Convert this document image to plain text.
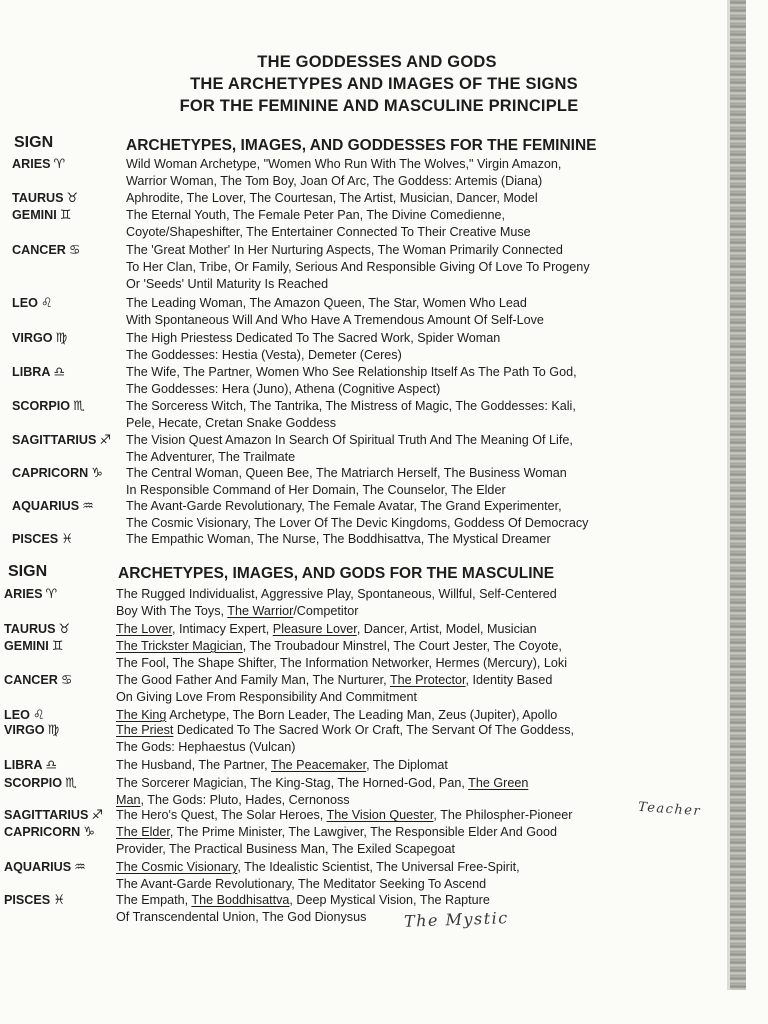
THE GODDESSES AND GODS
THE ARCHETYPES AND IMAGES OF THE SIGNS
FOR THE FEMININE AND MASCULINE PRINCIPLE
SIGN	ARCHETYPES, IMAGES, AND GODDESSES FOR THE FEMININE
ARIES ♈	Wild Woman Archetype, "Women Who Run With The Wolves," Virgin Amazon,
Warrior Woman, The Tom Boy, Joan Of Arc, The Goddess: Artemis (Diana)
TAURUS ♉	Aphrodite, The Lover, The Courtesan, The Artist, Musician, Dancer, Model
GEMINI ♊	The Eternal Youth, The Female Peter Pan, The Divine Comedienne,
Coyote/Shapeshifter, The Entertainer Connected To Their Creative Muse
CANCER ♋	The 'Great Mother' In Her Nurturing Aspects, The Woman Primarily Connected
To Her Clan, Tribe, Or Family, Serious And Responsible Giving Of Love To Progeny
Or 'Seeds' Until Maturity Is Reached
LEO ♌	The Leading Woman, The Amazon Queen, The Star, Women Who Lead
With Spontaneous Will And Who Have A Tremendous Amount Of Self-Love
VIRGO ♍	The High Priestess Dedicated To The Sacred Work, Spider Woman
The Goddesses: Hestia (Vesta), Demeter (Ceres)
LIBRA ♎	The Wife, The Partner, Women Who See Relationship Itself As The Path To God,
The Goddesses: Hera (Juno), Athena (Cognitive Aspect)
SCORPIO ♏	The Sorceress Witch, The Tantrika, The Mistress of Magic, The Goddesses: Kali,
Pele, Hecate, Cretan Snake Goddess
SAGITTARIUS ♐ The Vision Quest Amazon In Search Of Spiritual Truth And The Meaning Of Life,
The Adventurer, The Trailmate
CAPRICORN ♑ The Central Woman, Queen Bee, The Matriarch Herself, The Business Woman
In Responsible Command of Her Domain, The Counselor, The Elder
AQUARIUS ♒	The Avant-Garde Revolutionary, The Female Avatar, The Grand Experimenter,
The Cosmic Visionary, The Lover Of The Devic Kingdoms, Goddess Of Democracy
PISCES ♓	The Empathic Woman, The Nurse, The Boddhisattva, The Mystical Dreamer
SIGN	ARCHETYPES, IMAGES, AND GODS FOR THE MASCULINE
ARIES ♈	The Rugged Individualist, Aggressive Play, Spontaneous, Willful, Self-Centered
Boy With The Toys, The Warrior/Competitor
TAURUS ♉	The Lover, Intimacy Expert, Pleasure Lover, Dancer, Artist, Model, Musician
GEMINI ♊	The Trickster Magician, The Troubadour Minstrel, The Court Jester, The Coyote,
The Fool, The Shape Shifter, The Information Networker, Hermes (Mercury), Loki
CANCER ♋	The Good Father And Family Man, The Nurturer, The Protector, Identity Based
On Giving Love From Responsibility And Commitment
LEO ♌	The King Archetype, The Born Leader, The Leading Man, Zeus (Jupiter), Apollo
VIRGO ♍	The Priest Dedicated To The Sacred Work Or Craft, The Servant Of The Goddess,
The Gods: Hephaestus (Vulcan)
LIBRA ♎	The Husband, The Partner, The Peacemaker, The Diplomat
SCORPIO ♏	The Sorcerer Magician, The King-Stag, The Horned-God, Pan, The Green
Man, The Gods: Pluto, Hades, Cernonoss
SAGITTARIUS ♐ The Hero's Quest, The Solar Heroes, The Vision Quester, The Philospher-Pioneer
CAPRICORN ♑ The Elder, The Prime Minister, The Lawgiver, The Responsible Elder And Good
Provider, The Practical Business Man, The Exiled Scapegoat
AQUARIUS ♒ The Cosmic Visionary, The Idealistic Scientist, The Universal Free-Spirit,
The Avant-Garde Revolutionary, The Meditator Seeking To Ascend
PISCES ♓	The Empath, The Boddhisattva, Deep Mystical Vision, The Rapture
Of Transcendental Union, The God Dionysus
Teacher
The Mystic
